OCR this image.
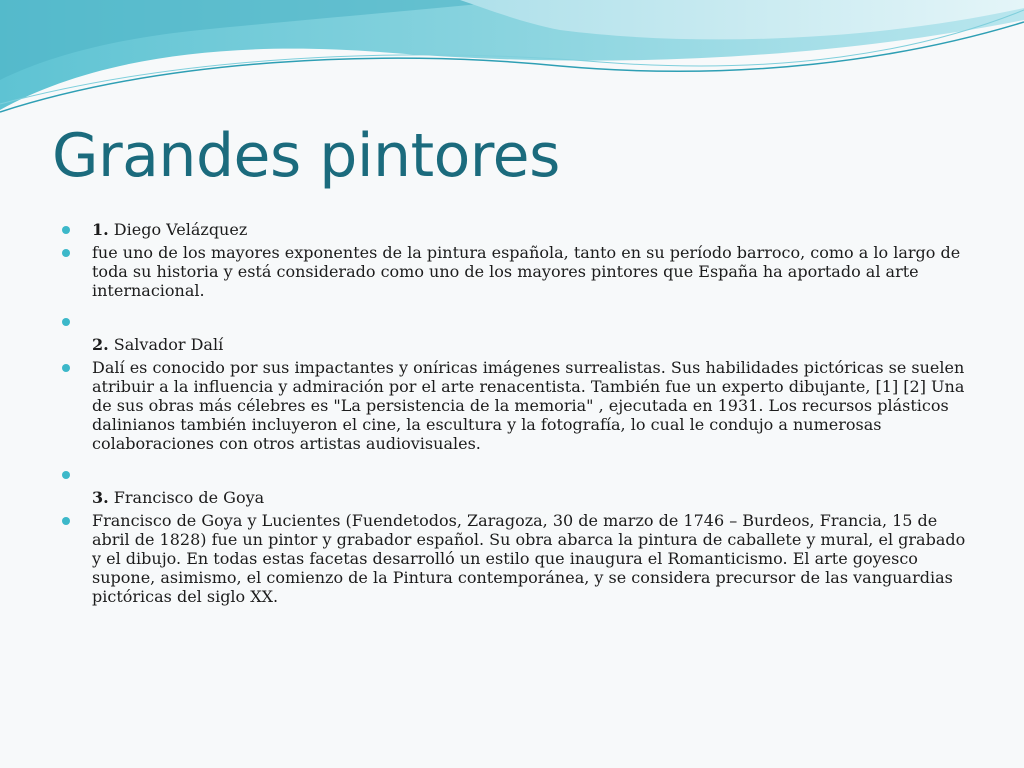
Grandes pintores
1. Diego Velázquez
fue uno de los mayores exponentes de la pintura española, tanto en su período barroco, como a lo largo de toda su historia y está considerado como uno de los mayores pintores que España ha aportado al arte internacional.
2. Salvador Dalí
Dalí es conocido por sus impactantes y oníricas imágenes surrealistas. Sus habilidades pictóricas se suelen atribuir a la influencia y admiración por el arte renacentista. También fue un experto dibujante, [1] [2] Una de sus obras más célebres es "La persistencia de la memoria" , ejecutada en 1931. Los recursos plásticos dalinianos también incluyeron el cine, la escultura y la fotografía, lo cual le condujo a numerosas colaboraciones con otros artistas audiovisuales.
3. Francisco de Goya
Francisco de Goya y Lucientes (Fuendetodos, Zaragoza, 30 de marzo de 1746 – Burdeos, Francia, 15 de abril de 1828) fue un pintor y grabador español. Su obra abarca la pintura de caballete y mural, el grabado y el dibujo. En todas estas facetas desarrolló un estilo que inaugura el Romanticismo. El arte goyesco supone, asimismo, el comienzo de la Pintura contemporánea, y se considera precursor de las vanguardias pictóricas del siglo XX.
